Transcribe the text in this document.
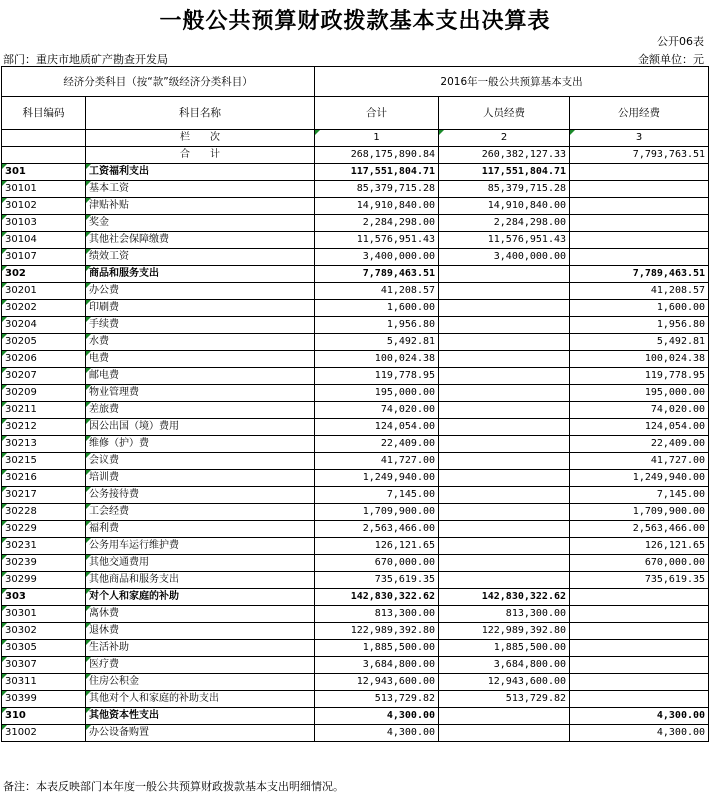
一般公共预算财政拨款基本支出决算表
公开06表
部门：重庆市地质矿产勘查开发局	金额单位：元
经济分类科目（按“款”级经济分类科目）		2016年一般公共预算基本支出		
科目编码	科目名称	合计	人员经费	公用经费
	栏　　次	1	2	3
	合　　计	268,175,890.84	260,382,127.33	7,793,763.51
301	工资福利支出	117,551,804.71	117,551,804.71	
30101	基本工资	85,379,715.28	85,379,715.28	
30102	津贴补贴	14,910,840.00	14,910,840.00	
30103	奖金	2,284,298.00	2,284,298.00	
30104	其他社会保障缴费	11,576,951.43	11,576,951.43	
30107	绩效工资	3,400,000.00	3,400,000.00	
302	商品和服务支出	7,789,463.51		7,789,463.51
30201	办公费	41,208.57		41,208.57
30202	印刷费	1,600.00		1,600.00
30204	手续费	1,956.80		1,956.80
30205	水费	5,492.81		5,492.81
30206	电费	100,024.38		100,024.38
30207	邮电费	119,778.95		119,778.95
30209	物业管理费	195,000.00		195,000.00
30211	差旅费	74,020.00		74,020.00
30212	因公出国（境）费用	124,054.00		124,054.00
30213	维修（护）费	22,409.00		22,409.00
30215	会议费	41,727.00		41,727.00
30216	培训费	1,249,940.00		1,249,940.00
30217	公务接待费	7,145.00		7,145.00
30228	工会经费	1,709,900.00		1,709,900.00
30229	福利费	2,563,466.00		2,563,466.00
30231	公务用车运行维护费	126,121.65		126,121.65
30239	其他交通费用	670,000.00		670,000.00
30299	其他商品和服务支出	735,619.35		735,619.35
303	对个人和家庭的补助	142,830,322.62	142,830,322.62	
30301	离休费	813,300.00	813,300.00	
30302	退休费	122,989,392.80	122,989,392.80	
30305	生活补助	1,885,500.00	1,885,500.00	
30307	医疗费	3,684,800.00	3,684,800.00	
30311	住房公积金	12,943,600.00	12,943,600.00	
30399	其他对个人和家庭的补助支出	513,729.82	513,729.82	
310	其他资本性支出	4,300.00		4,300.00
31002	办公设备购置	4,300.00		4,300.00
备注：本表反映部门本年度一般公共预算财政拨款基本支出明细情况。
